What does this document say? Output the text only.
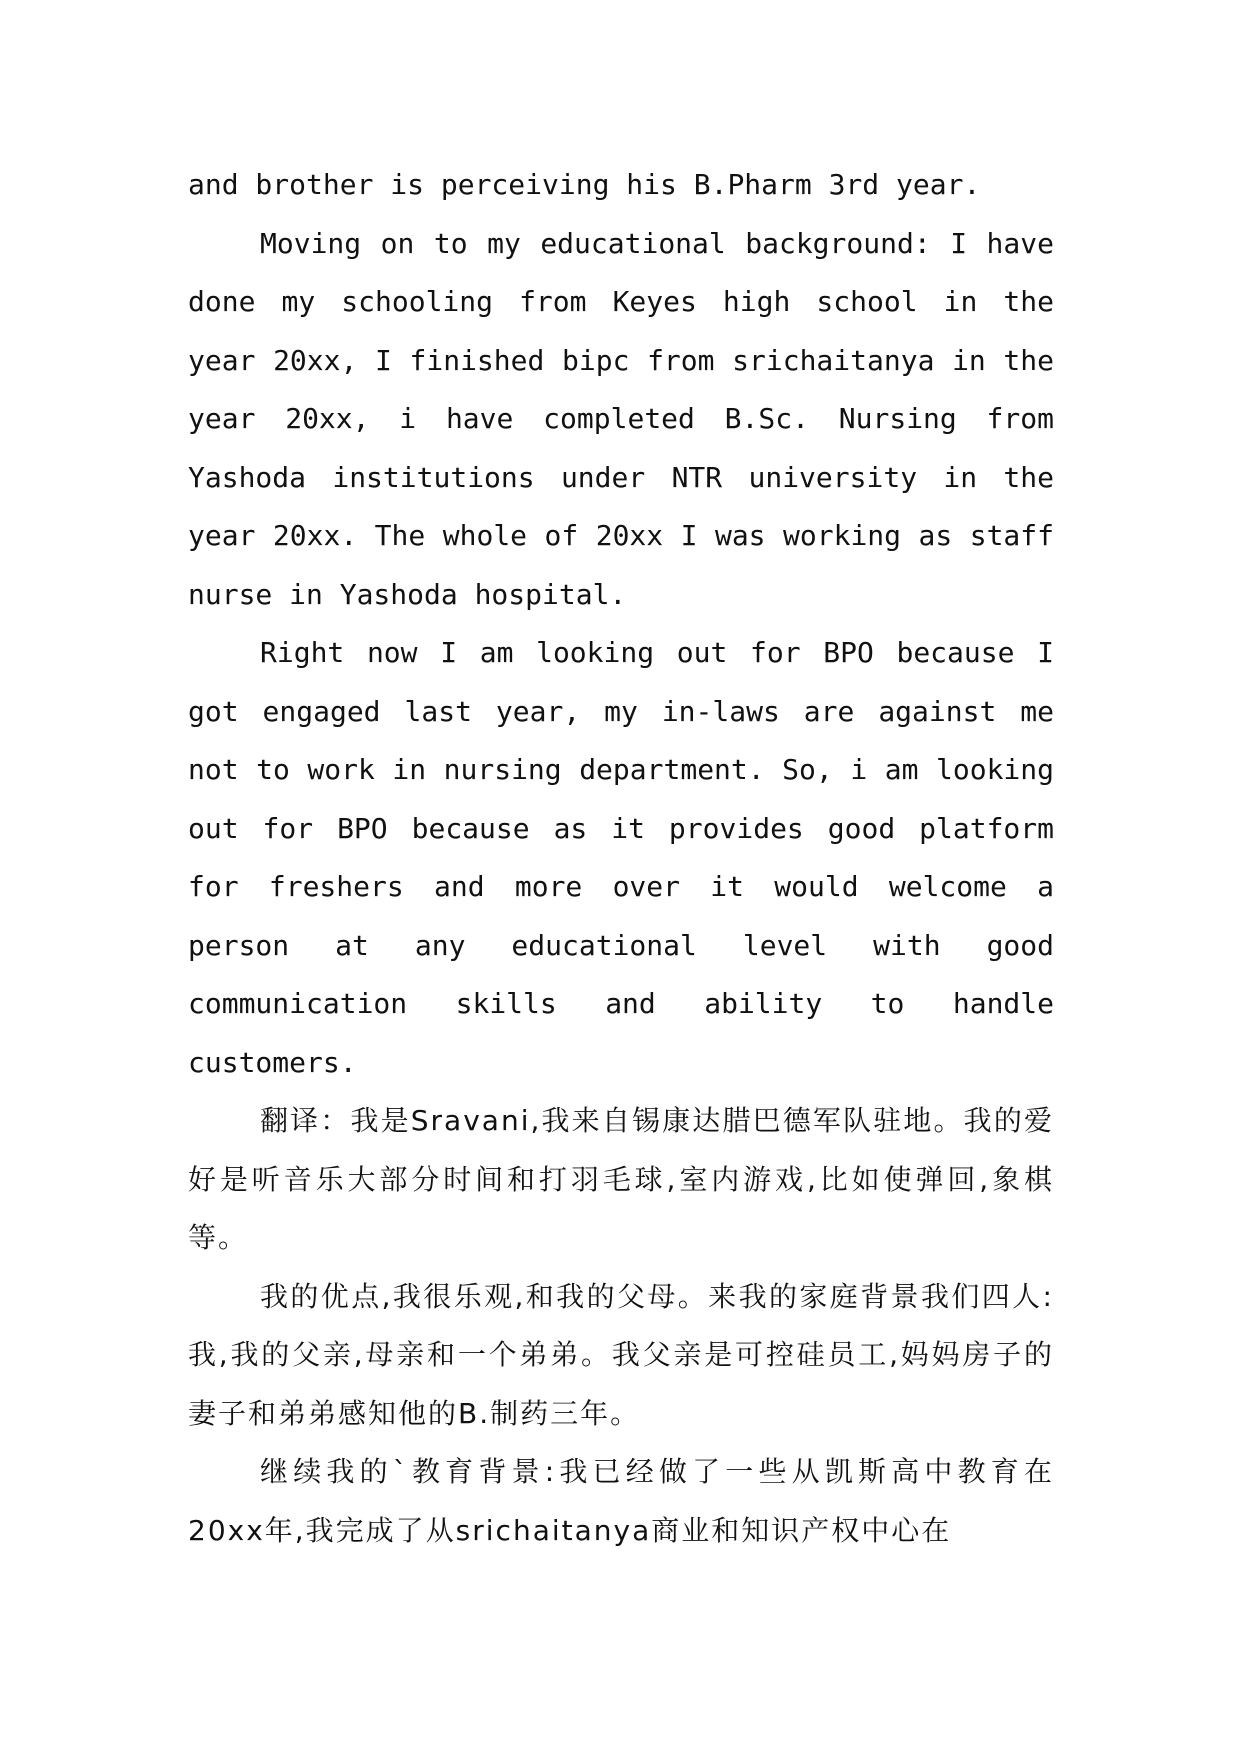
and brother is perceiving his B.Pharm 3rd year.

Moving on to my educational background: I have done my schooling from Keyes high school in the year 20xx, I finished bipc from srichaitanya in the year 20xx, i have completed B.Sc. Nursing from Yashoda institutions under NTR university in the year 20xx. The whole of 20xx I was working as staff nurse in Yashoda hospital.

Right now I am looking out for BPO because I got engaged last year, my in-laws are against me not to work in nursing department. So, i am looking out for BPO because as it provides good platform for freshers and more over it would welcome a person at any educational level with good communication skills and ability to handle customers.

翻译：我是Sravani,我来自锡康达腊巴德军队驻地。我的爱好是听音乐大部分时间和打羽毛球,室内游戏,比如使弹回,象棋等。

我的优点,我很乐观,和我的父母。来我的家庭背景我们四人:我,我的父亲,母亲和一个弟弟。我父亲是可控硅员工,妈妈房子的妻子和弟弟感知他的B.制药三年。

继续我的`教育背景:我已经做了一些从凯斯高中教育在20xx年,我完成了从srichaitanya商业和知识产权中心在
